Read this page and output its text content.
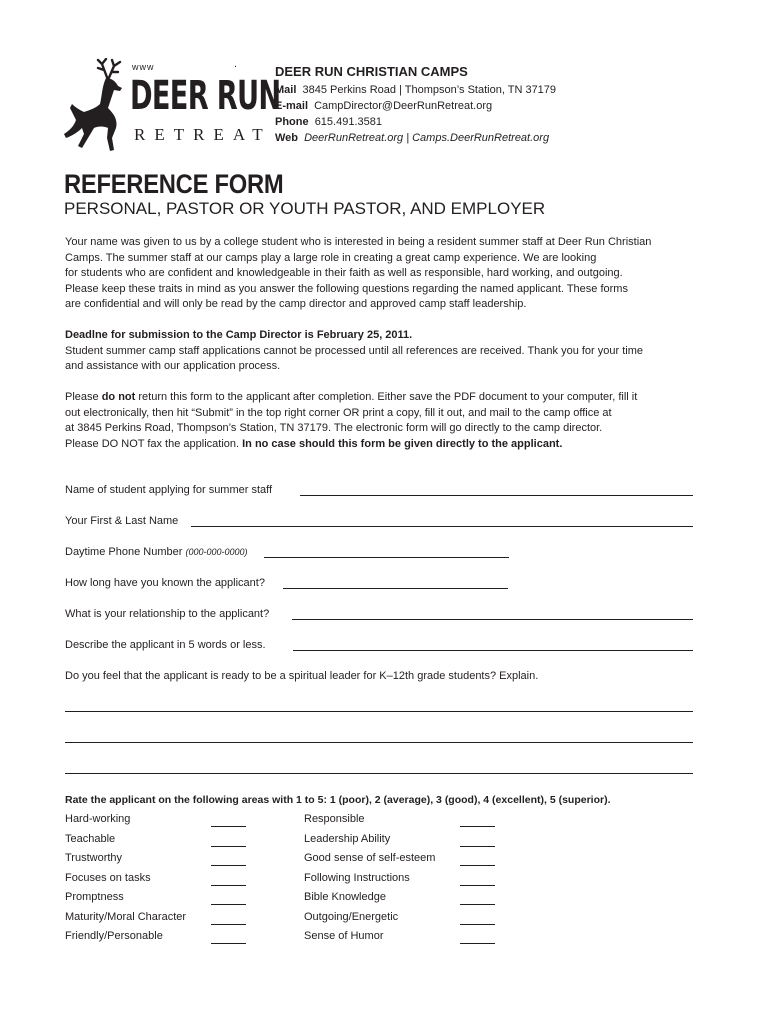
www	.
DEER RUN
RETREAT
DEER RUN CHRISTIAN CAMPS
Mail 3845 Perkins Road | Thompson’s Station, TN 37179
E-mail CampDirector@DeerRunRetreat.org
Phone 615.491.3581
Web DeerRunRetreat.org | Camps.DeerRunRetreat.org
REFERENCE FORM
PERSONAL, PASTOR OR YOUTH PASTOR, AND EMPLOYER
Your name was given to us by a college student who is interested in being a resident summer staff at Deer Run Christian
Camps. The summer staff at our camps play a large role in creating a great camp experience. We are looking
for students who are confident and knowledgeable in their faith as well as responsible, hard working, and outgoing.
Please keep these traits in mind as you answer the following questions regarding the named applicant. These forms
are confidential and will only be read by the camp director and approved camp staff leadership.
Deadlne for submission to the Camp Director is February 25, 2011.
Student summer camp staff applications cannot be processed until all references are received. Thank you for your time
and assistance with our application process.
Please do not return this form to the applicant after completion. Either save the PDF document to your computer, fill it
out electronically, then hit “Submit” in the top right corner OR print a copy, fill it out, and mail to the camp office at
at 3845 Perkins Road, Thompson’s Station, TN 37179. The electronic form will go directly to the camp director.
Please DO NOT fax the application. In no case should this form be given directly to the applicant.
Name of student applying for summer staff
Your First & Last Name
Daytime Phone Number (000-000-0000)
How long have you known the applicant?
What is your relationship to the applicant?
Describe the applicant in 5 words or less.
Do you feel that the applicant is ready to be a spiritual leader for K–12th grade students? Explain.
Rate the applicant on the following areas with 1 to 5: 1 (poor), 2 (average), 3 (good), 4 (excellent), 5 (superior).
Hard-working
Teachable
Trustworthy
Focuses on tasks
Promptness
Maturity/Moral Character
Friendly/Personable
Responsible
Leadership Ability
Good sense of self-esteem
Following Instructions
Bible Knowledge
Outgoing/Energetic
Sense of Humor
